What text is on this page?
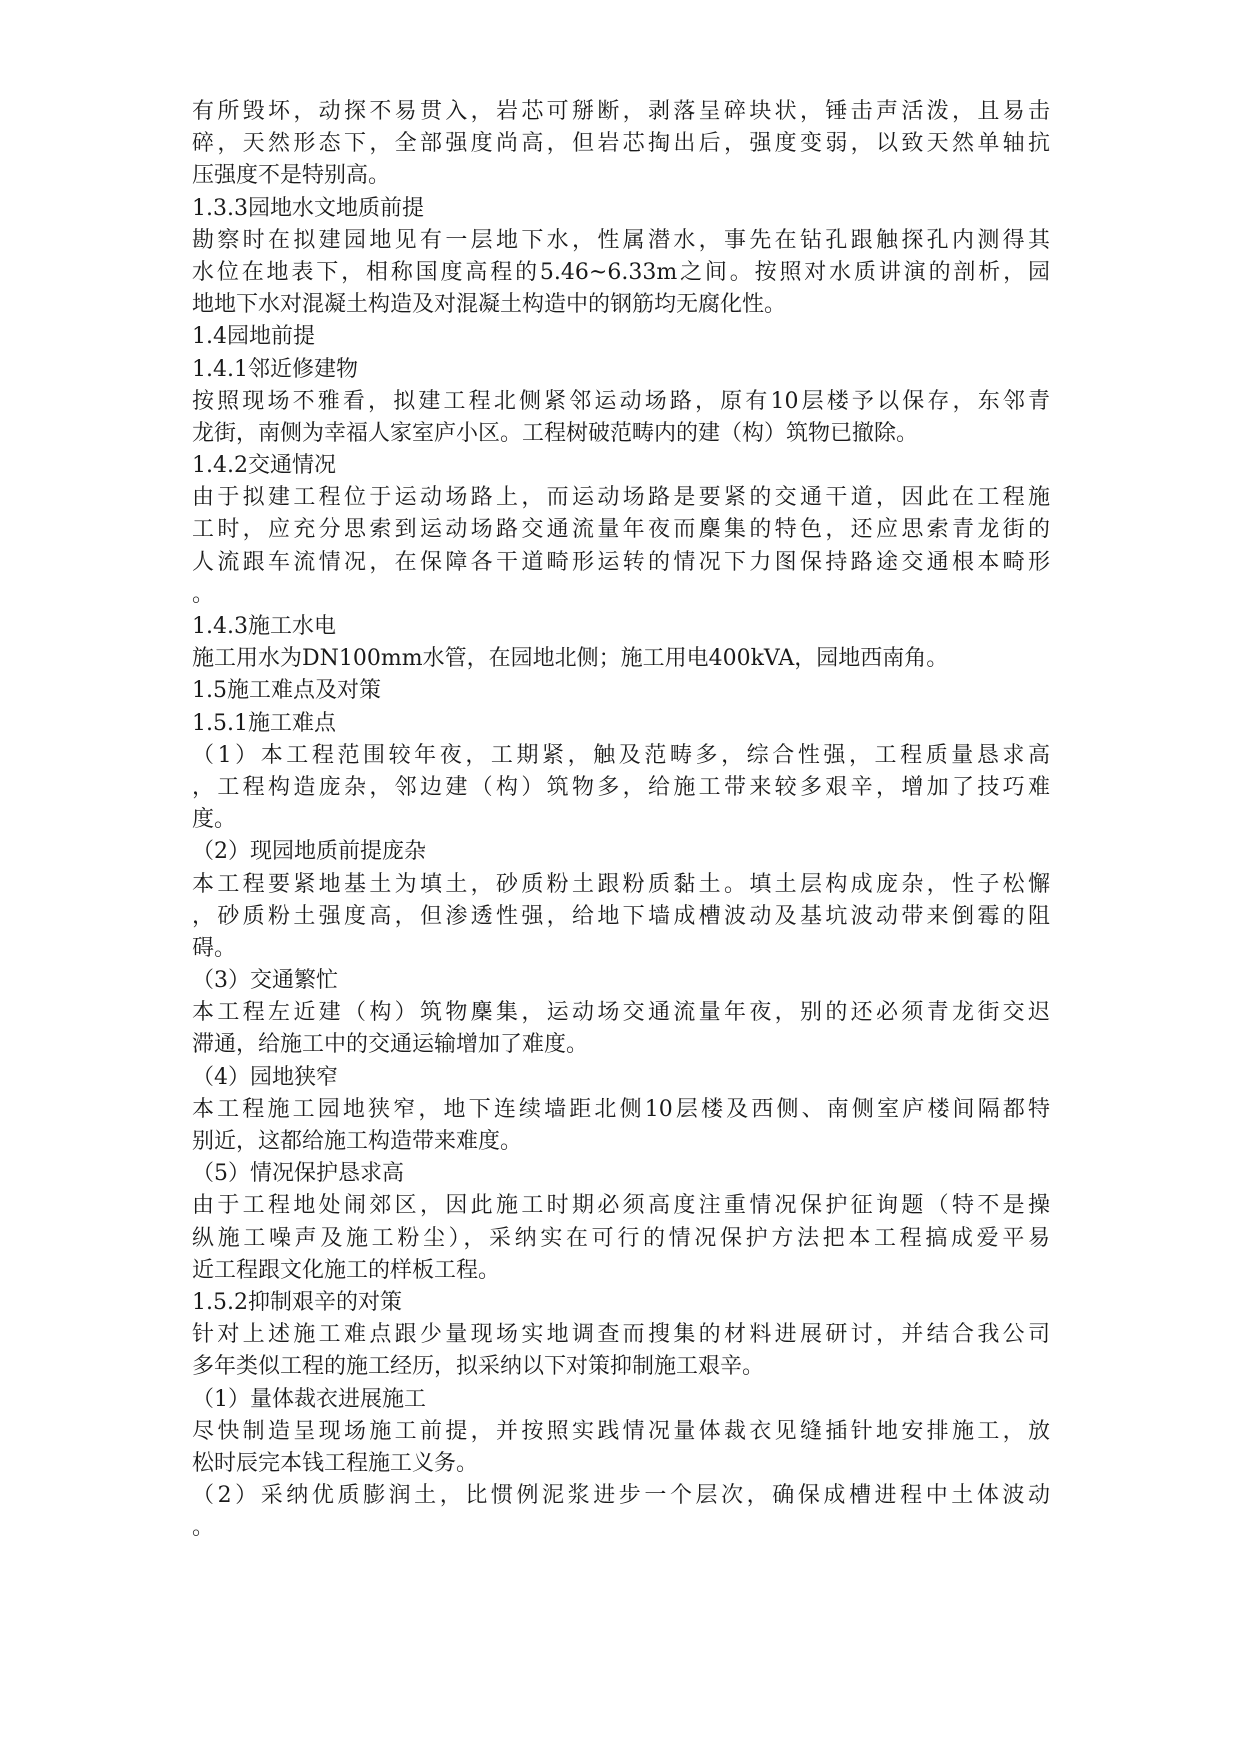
有所毁坏，动探不易贯入，岩芯可掰断，剥落呈碎块状，锤击声活泼，且易击
碎，天然形态下，全部强度尚高，但岩芯掏出后，强度变弱，以致天然单轴抗
压强度不是特别高。
1.3.3园地水文地质前提
勘察时在拟建园地见有一层地下水，性属潜水，事先在钻孔跟触探孔内测得其
水位在地表下，相称国度高程的5.46~6.33m之间。按照对水质讲演的剖析，园
地地下水对混凝土构造及对混凝土构造中的钢筋均无腐化性。
1.4园地前提
1.4.1邻近修建物
按照现场不雅看，拟建工程北侧紧邻运动场路，原有10层楼予以保存，东邻青
龙街，南侧为幸福人家室庐小区。工程树破范畴内的建（构）筑物已撤除。
1.4.2交通情况
由于拟建工程位于运动场路上，而运动场路是要紧的交通干道，因此在工程施
工时，应充分思索到运动场路交通流量年夜而麇集的特色，还应思索青龙街的
人流跟车流情况，在保障各干道畸形运转的情况下力图保持路途交通根本畸形
。
1.4.3施工水电
施工用水为DN100mm水管，在园地北侧；施工用电400kVA，园地西南角。
1.5施工难点及对策
1.5.1施工难点
（1）本工程范围较年夜，工期紧，触及范畴多，综合性强，工程质量恳求高
，工程构造庞杂，邻边建（构）筑物多，给施工带来较多艰辛，增加了技巧难
度。
（2）现园地质前提庞杂
本工程要紧地基土为填土，砂质粉土跟粉质黏土。填土层构成庞杂，性子松懈
，砂质粉土强度高，但渗透性强，给地下墙成槽波动及基坑波动带来倒霉的阻
碍。
（3）交通繁忙
本工程左近建（构）筑物麇集，运动场交通流量年夜，别的还必须青龙街交迟
滞通，给施工中的交通运输增加了难度。
（4）园地狭窄
本工程施工园地狭窄，地下连续墙距北侧10层楼及西侧、南侧室庐楼间隔都特
别近，这都给施工构造带来难度。
（5）情况保护恳求高
由于工程地处闹郊区，因此施工时期必须高度注重情况保护征询题（特不是操
纵施工噪声及施工粉尘），采纳实在可行的情况保护方法把本工程搞成爱平易
近工程跟文化施工的样板工程。
1.5.2抑制艰辛的对策
针对上述施工难点跟少量现场实地调查而搜集的材料进展研讨，并结合我公司
多年类似工程的施工经历，拟采纳以下对策抑制施工艰辛。
（1）量体裁衣进展施工
尽快制造呈现场施工前提，并按照实践情况量体裁衣见缝插针地安排施工，放
松时辰完本钱工程施工义务。
（2）采纳优质膨润土，比惯例泥浆进步一个层次，确保成槽进程中土体波动
。
